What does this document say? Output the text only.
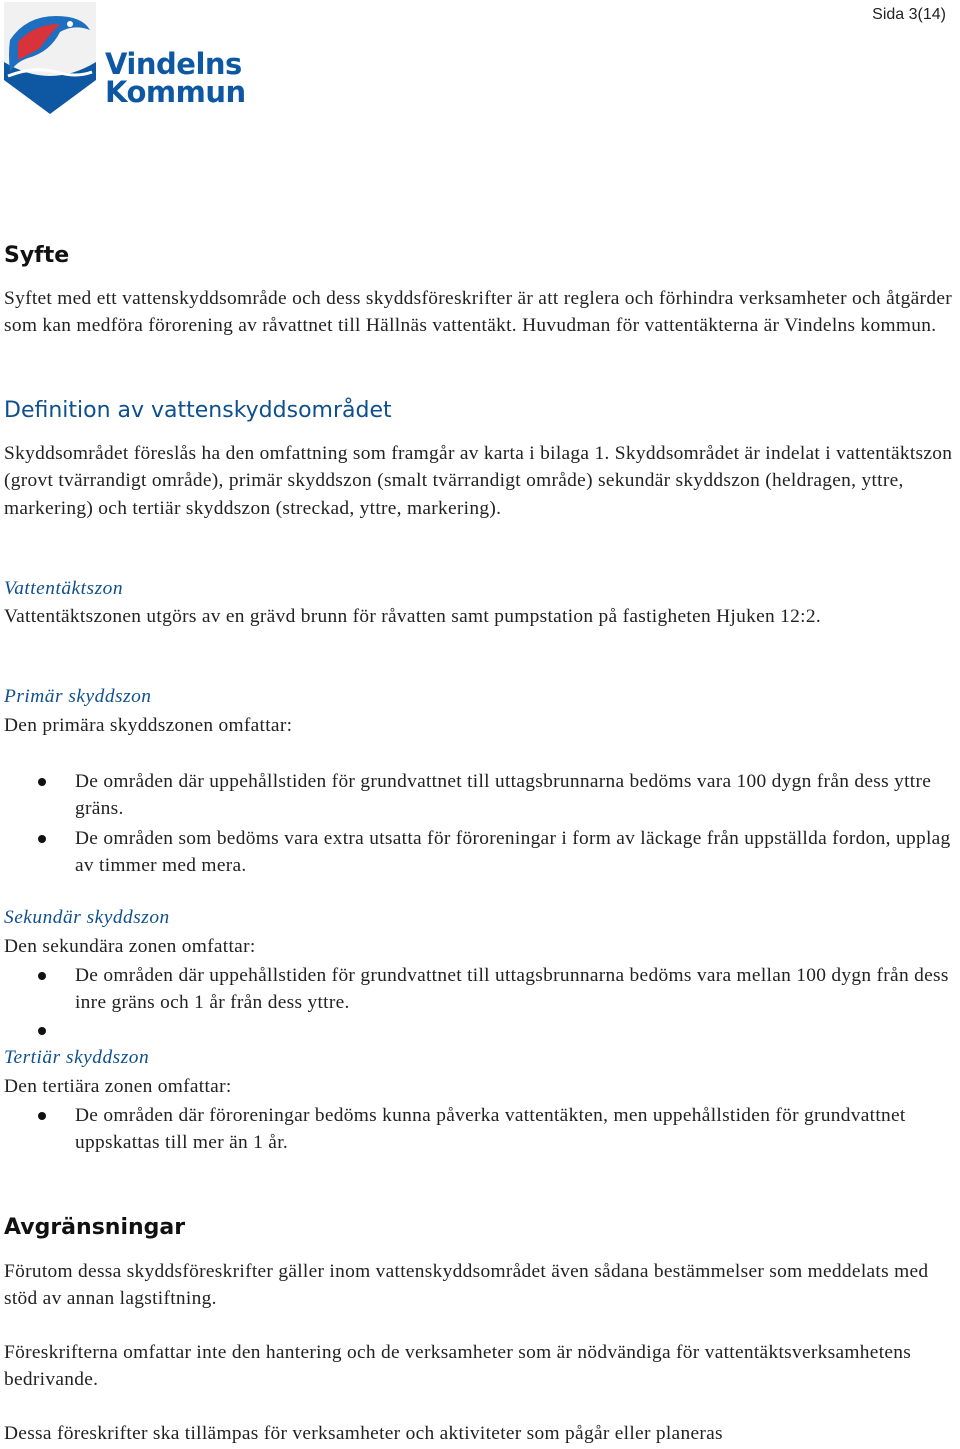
Sida 3(14)
Vindelns
Kommun
Syfte

Syftet med ett vattenskyddsområde och dess skyddsföreskrifter är att reglera och förhindra verksamheter och åtgärder som kan medföra förorening av råvattnet till Hällnäs vattentäkt. Huvudman för vattentäkterna är Vindelns kommun.

Definition av vattenskyddsområdet

Skyddsområdet föreslås ha den omfattning som framgår av karta i bilaga 1. Skyddsområdet är indelat i vattentäktszon (grovt tvärrandigt område), primär skyddszon (smalt tvärrandigt område) sekundär skyddszon (heldragen, yttre, markering) och tertiär skyddszon (streckad, yttre, markering).

Vattentäktszon

Vattentäktszonen utgörs av en grävd brunn för råvatten samt pumpstation på fastigheten Hjuken 12:2.

Primär skyddszon

Den primära skyddszonen omfattar:

De områden där uppehållstiden för grundvattnet till uttagsbrunnarna bedöms vara 100 dygn från dess yttre gräns.
De områden som bedöms vara extra utsatta för föroreningar i form av läckage från uppställda fordon, upplag av timmer med mera.
Sekundär skyddszon

Den sekundära zonen omfattar:

De områden där uppehållstiden för grundvattnet till uttagsbrunnarna bedöms vara mellan 100 dygn från dess inre gräns och 1 år från dess yttre.
Tertiär skyddszon

Den tertiära zonen omfattar:

De områden där föroreningar bedöms kunna påverka vattentäkten, men uppehållstiden för grundvattnet uppskattas till mer än 1 år.
Avgränsningar

Förutom dessa skyddsföreskrifter gäller inom vattenskyddsområdet även sådana bestämmelser som meddelats med stöd av annan lagstiftning.

Föreskrifterna omfattar inte den hantering och de verksamheter som är nödvändiga för vattentäktsverksamhetens bedrivande.

Dessa föreskrifter ska tillämpas för verksamheter och aktiviteter som pågår eller planeras
